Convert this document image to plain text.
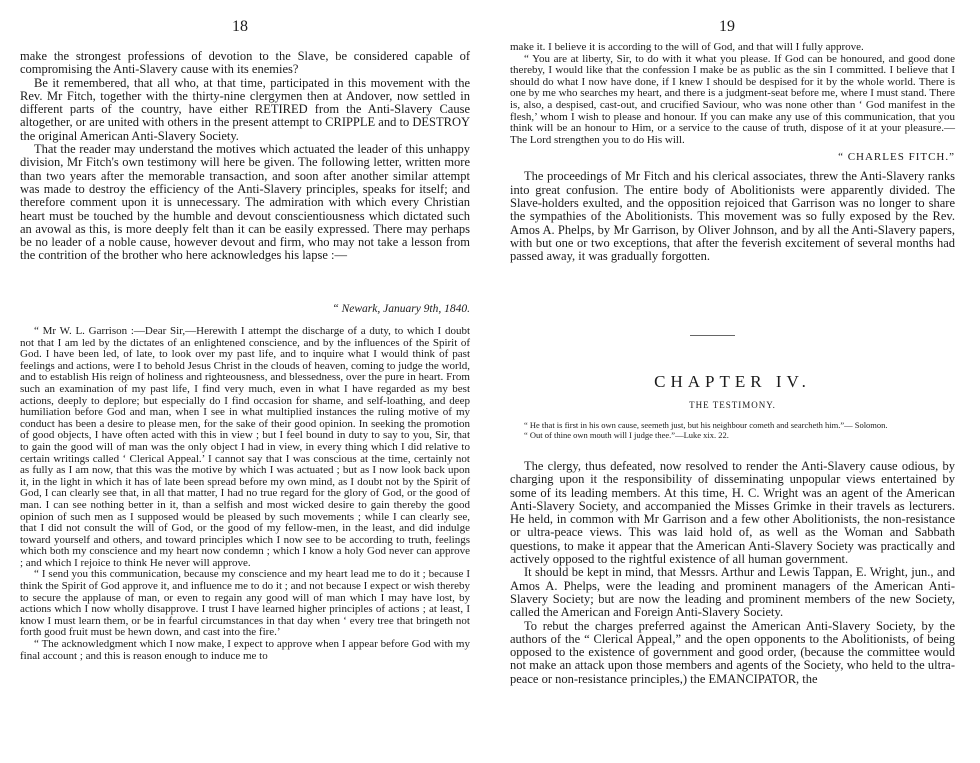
18

make the strongest professions of devotion to the Slave, be considered capable of compromising the Anti-Slavery cause with its enemies?

Be it remembered, that all who, at that time, participated in this movement with the Rev. Mr Fitch, together with the thirty-nine clergymen then at Andover, now settled in different parts of the country, have either RETIRED from the Anti-Slavery Cause altogether, or are united with others in the present attempt to CRIPPLE and to DESTROY the original American Anti-Slavery Society.

That the reader may understand the motives which actuated the leader of this unhappy division, Mr Fitch's own testimony will here be given. The following letter, written more than two years after the memorable transaction, and soon after another similar attempt was made to destroy the efficiency of the Anti-Slavery principles, speaks for itself; and therefore comment upon it is unnecessary. The admiration with which every Christian heart must be touched by the humble and devout conscientiousness which dictated such an avowal as this, is more deeply felt than it can be easily expressed. There may perhaps be no leader of a noble cause, however devout and firm, who may not take a lesson from the contrition of the brother who here acknowledges his lapse :—

“ Newark, January 9th, 1840.

“ Mr W. L. Garrison :—Dear Sir,—Herewith I attempt the discharge of a duty, to which I doubt not that I am led by the dictates of an enlightened conscience, and by the influences of the Spirit of God. I have been led, of late, to look over my past life, and to inquire what I would think of past feelings and actions, were I to behold Jesus Christ in the clouds of heaven, coming to judge the world, and to establish His reign of holiness and righteousness, and blessedness, over the pure in heart. From such an examination of my past life, I find very much, even in what I have regarded as my best actions, deeply to deplore; but especially do I find occasion for shame, and self-loathing, and deep humiliation before God and man, when I see in what multiplied instances the ruling motive of my conduct has been a desire to please men, for the sake of their good opinion. In seeking the promotion of good objects, I have often acted with this in view ; but I feel bound in duty to say to you, Sir, that to gain the good will of man was the only object I had in view, in every thing which I did relative to certain writings called ‘ Clerical Appeal.’ I cannot say that I was conscious at the time, certainly not as fully as I am now, that this was the motive by which I was actuated ; but as I now look back upon it, in the light in which it has of late been spread before my own mind, as I doubt not by the Spirit of God, I can clearly see that, in all that matter, I had no true regard for the glory of God, or the good of man. I can see nothing better in it, than a selfish and most wicked desire to gain thereby the good opinion of such men as I supposed would be pleased by such movements ; while I can clearly see, that I did not consult the will of God, or the good of my fellow-men, in the least, and did indulge toward yourself and others, and toward principles which I now see to be according to truth, feelings which both my conscience and my heart now condemn ; which I know a holy God never can approve ; and which I rejoice to think He never will approve.

“ I send you this communication, because my conscience and my heart lead me to do it ; because I think the Spirit of God approve it, and influence me to do it ; and not because I expect or wish thereby to secure the applause of man, or even to regain any good will of man which I may have lost, by actions which I now wholly disapprove. I trust I have learned higher principles of actions ; at least, I know I must learn them, or be in fearful circumstances in that day when ‘ every tree that bringeth not forth good fruit must be hewn down, and cast into the fire.’

“ The acknowledgment which I now make, I expect to approve when I appear before God with my final account ; and this is reason enough to induce me to

19

make it. I believe it is according to the will of God, and that will I fully approve.

“ You are at liberty, Sir, to do with it what you please. If God can be honoured, and good done thereby, I would like that the confession I make be as public as the sin I committed. I believe that I should do what I now have done, if I knew I should be despised for it by the whole world. There is one by me who searches my heart, and there is a judgment-seat before me, where I must stand. There is, also, a despised, cast-out, and crucified Saviour, who was none other than ‘ God manifest in the flesh,’ whom I wish to please and honour. If you can make any use of this communication, that you think will be an honour to Him, or a service to the cause of truth, dispose of it at your pleasure.— The Lord strengthen you to do His will.

“ CHARLES FITCH.”

The proceedings of Mr Fitch and his clerical associates, threw the Anti-Slavery ranks into great confusion. The entire body of Abolitionists were apparently divided. The Slave-holders exulted, and the opposition rejoiced that Garrison was no longer to share the sympathies of the Abolitionists. This movement was so fully exposed by the Rev. Amos A. Phelps, by Mr Garrison, by Oliver Johnson, and by all the Anti-Slavery papers, with but one or two exceptions, that after the feverish excitement of several months had passed away, it was gradually forgotten.

CHAPTER IV.

THE TESTIMONY.

“ He that is first in his own cause, seemeth just, but his neighbour cometh and searcheth him.”— Solomon.

“ Out of thine own mouth will I judge thee.”—Luke xix. 22.

The clergy, thus defeated, now resolved to render the Anti-Slavery cause odious, by charging upon it the responsibility of disseminating unpopular views entertained by some of its leading members. At this time, H. C. Wright was an agent of the American Anti-Slavery Society, and accompanied the Misses Grimke in their travels as lecturers. He held, in common with Mr Garrison and a few other Abolitionists, the non-resistance or ultra-peace views. This was laid hold of, as well as the Woman and Sabbath questions, to make it appear that the American Anti-Slavery Society was practically and actively opposed to the rightful existence of all human government.

It should be kept in mind, that Messrs. Arthur and Lewis Tappan, E. Wright, jun., and Amos A. Phelps, were the leading and prominent managers of the American Anti-Slavery Society; but are now the leading and prominent members of the new Society, called the American and Foreign Anti-Slavery Society.

To rebut the charges preferred against the American Anti-Slavery Society, by the authors of the “ Clerical Appeal,” and the open opponents to the Abolitionists, of being opposed to the existence of government and good order, (because the committee would not make an attack upon those members and agents of the Society, who held to the ultra-peace or non-resistance principles,) the EMANCIPATOR, the
